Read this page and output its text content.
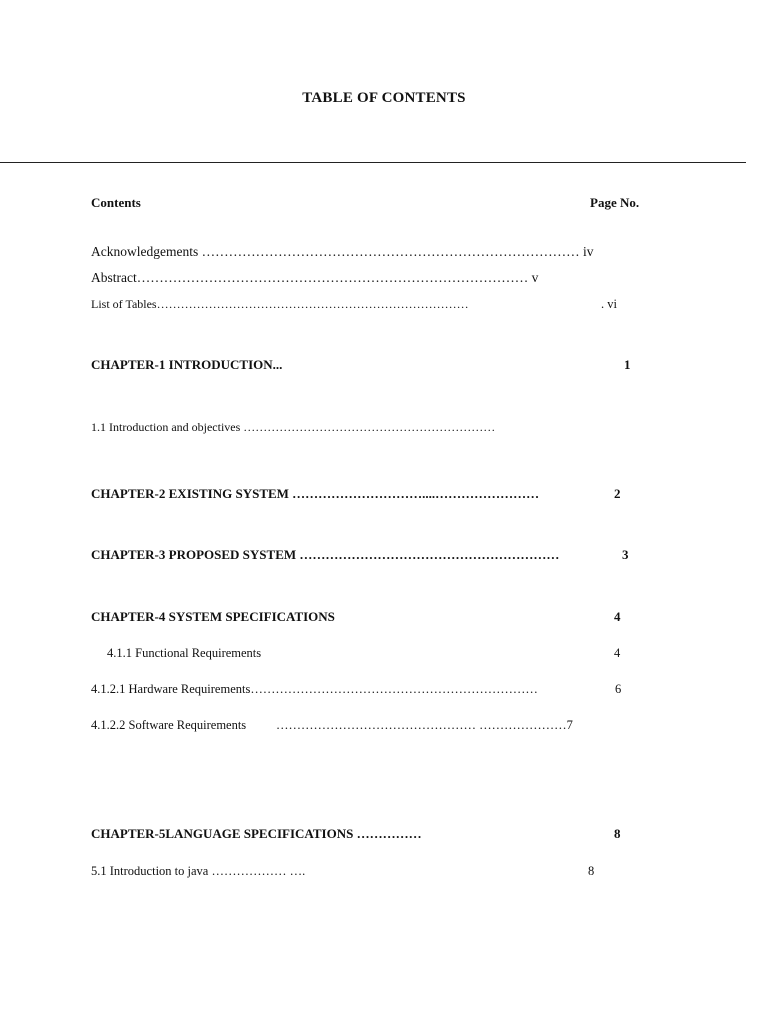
TABLE OF CONTENTS
Contents	Page No.
Acknowledgements ………………………………………………………………………… iv
Abstract…………………………………………………………………………… v
List of Tables……………………………………………………………………	. vi
CHAPTER-1 INTRODUCTION...	1
1.1 Introduction and objectives ………………………………………………………
CHAPTER-2 EXISTING SYSTEM …………………………....……………………	2
CHAPTER-3 PROPOSED SYSTEM ……………………………………………………	3
CHAPTER-4 SYSTEM SPECIFICATIONS	4
4.1.1 Functional Requirements	4
4.1.2.1 Hardware Requirements……………………………………………………………	6
4.1.2.2 Software Requirements ………………………………………… …………………7
CHAPTER-5LANGUAGE SPECIFICATIONS ……………	8
5.1 Introduction to java ……………… ….	8
